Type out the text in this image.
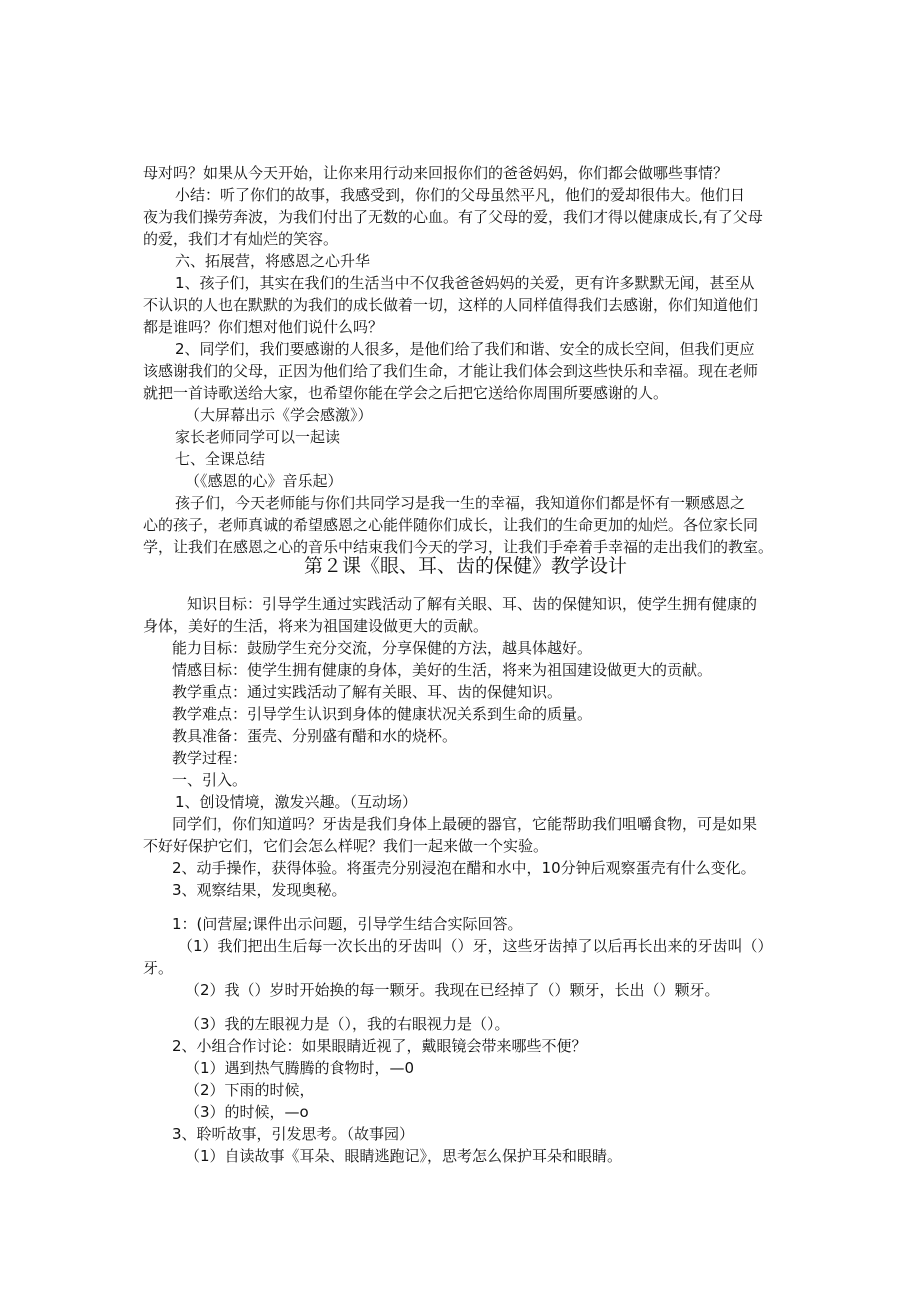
母对吗？如果从今天开始，让你来用行动来回报你们的爸爸妈妈，你们都会做哪些事情？
小结：听了你们的故事，我感受到，你们的父母虽然平凡，他们的爱却很伟大。他们日
夜为我们操劳奔波，为我们付出了无数的心血。有了父母的爱，我们才得以健康成长,有了父母
的爱，我们才有灿烂的笑容。
六、拓展营，将感恩之心升华
1、孩子们，其实在我们的生活当中不仅我爸爸妈妈的关爱，更有许多默默无闻，甚至从
不认识的人也在默默的为我们的成长做着一切，这样的人同样值得我们去感谢，你们知道他们
都是谁吗？你们想对他们说什么吗？
2、同学们，我们要感谢的人很多，是他们给了我们和谐、安全的成长空间，但我们更应
该感谢我们的父母，正因为他们给了我们生命，才能让我们体会到这些快乐和幸福。现在老师
就把一首诗歌送给大家，也希望你能在学会之后把它送给你周围所要感谢的人。
（大屏幕出示《学会感激》）
家长老师同学可以一起读
七、全课总结
（《感恩的心》音乐起）
孩子们，今天老师能与你们共同学习是我一生的幸福，我知道你们都是怀有一颗感恩之
心的孩子，老师真诚的希望感恩之心能伴随你们成长，让我们的生命更加的灿烂。各位家长同
学，让我们在感恩之心的音乐中结束我们今天的学习，让我们手牵着手幸福的走出我们的教室。
第２课《眼、耳、齿的保健》教学设计
知识目标：引导学生通过实践活动了解有关眼、耳、齿的保健知识，使学生拥有健康的
身体，美好的生活，将来为祖国建设做更大的贡献。
能力目标：鼓励学生充分交流，分享保健的方法，越具体越好。
情感目标：使学生拥有健康的身体，美好的生活，将来为祖国建设做更大的贡献。
教学重点：通过实践活动了解有关眼、耳、齿的保健知识。
教学难点：引导学生认识到身体的健康状况关系到生命的质量。
教具准备：蛋壳、分别盛有醋和水的烧杯。
教学过程：
一、引入。
1、创设情境，激发兴趣。（互动场）
同学们，你们知道吗？牙齿是我们身体上最硬的器官，它能帮助我们咀嚼食物，可是如果
不好好保护它们，它们会怎么样呢？我们一起来做一个实验。
2、动手操作，获得体验。将蛋壳分别浸泡在醋和水中，10分钟后观察蛋壳有什么变化。
3、观察结果，发现奥秘。
1：(问营屋;课件出示问题，引导学生结合实际回答。
（1）我们把出生后每一次长出的牙齿叫（）牙，这些牙齿掉了以后再长出来的牙齿叫（）
牙。
（2）我（）岁时开始换的每一颗牙。我现在已经掉了（）颗牙，长出（）颗牙。
（3）我的左眼视力是（），我的右眼视力是（）。
2、小组合作讨论：如果眼睛近视了，戴眼镜会带来哪些不便？
（1）遇到热气腾腾的食物时，—0
（2）下雨的时候，
（3）的时候，—o
3、聆听故事，引发思考。（故事园）
（1）自读故事《耳朵、眼睛逃跑记》，思考怎么保护耳朵和眼睛。
